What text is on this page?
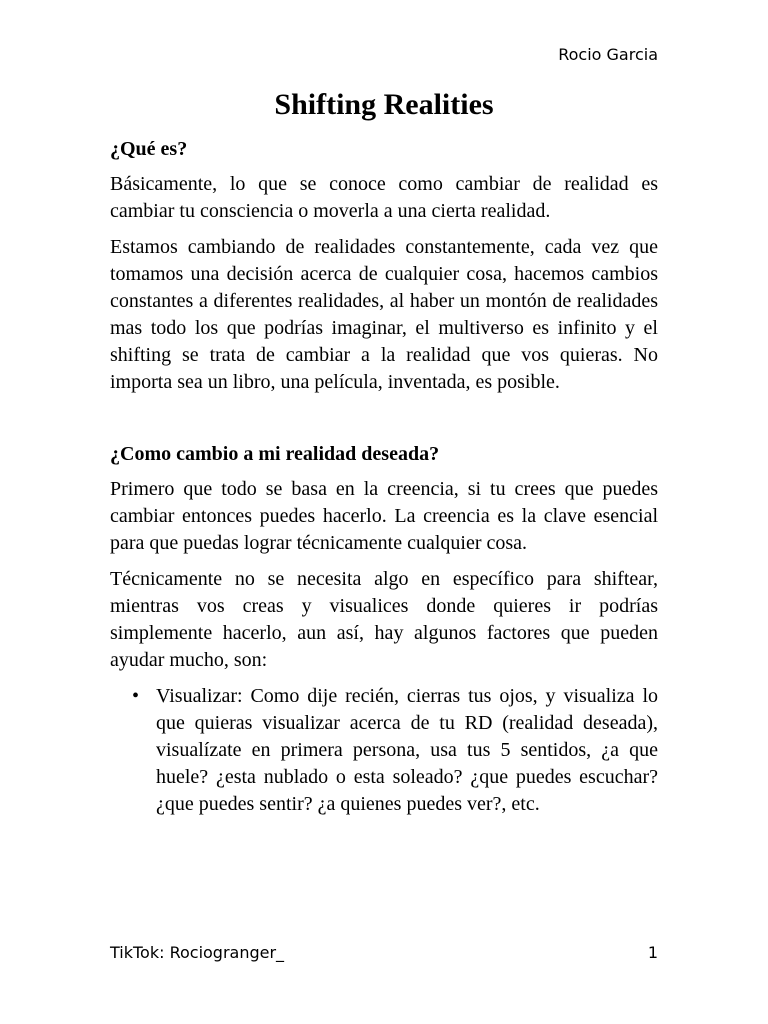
Rocio Garcia
Shifting Realities
¿Qué es?

Básicamente, lo que se conoce como cambiar de realidad es cambiar tu consciencia o moverla a una cierta realidad.

Estamos cambiando de realidades constantemente, cada vez que tomamos una decisión acerca de cualquier cosa, hacemos cambios constantes a diferentes realidades, al haber un montón de realidades mas todo los que podrías imaginar, el multiverso es infinito y el shifting se trata de cambiar a la realidad que vos quieras. No importa sea un libro, una película, inventada, es posible.

¿Como cambio a mi realidad deseada?

Primero que todo se basa en la creencia, si tu crees que puedes cambiar entonces puedes hacerlo. La creencia es la clave esencial para que puedas lograr técnicamente cualquier cosa.

Técnicamente no se necesita algo en específico para shiftear, mientras vos creas y visualices donde quieres ir podrías simplemente hacerlo, aun así, hay algunos factores que pueden ayudar mucho, son:

• Visualizar: Como dije recién, cierras tus ojos, y visualiza lo que quieras visualizar acerca de tu RD (realidad deseada), visualízate en primera persona, usa tus 5 sentidos, ¿a que huele? ¿esta nublado o esta soleado? ¿que puedes escuchar? ¿que puedes sentir? ¿a quienes puedes ver?, etc.
TikTok: Rociogranger_	1
